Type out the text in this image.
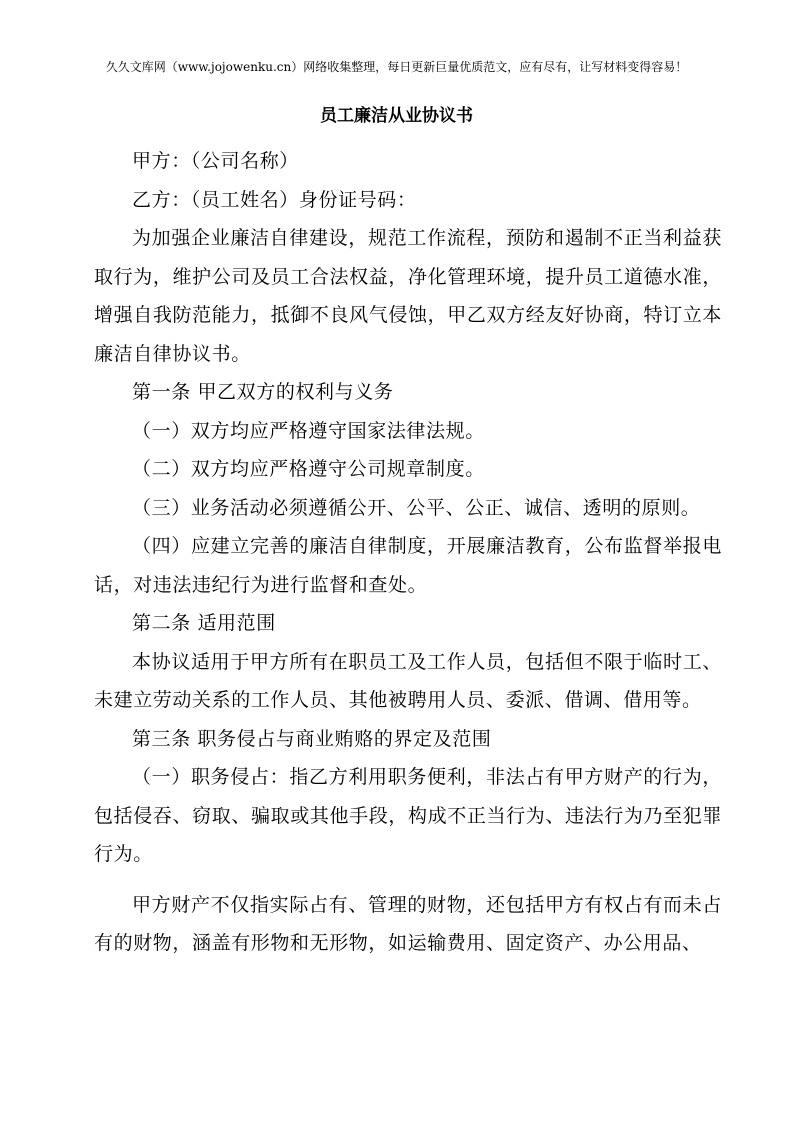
久久文库网（www.jojowenku.cn）网络收集整理，每日更新巨量优质范文，应有尽有，让写材料变得容易！
员工廉洁从业协议书

甲方：（公司名称）

乙方：（员工姓名）身份证号码：

为加强企业廉洁自律建设，规范工作流程，预防和遏制不正当利益获取行为，维护公司及员工合法权益，净化管理环境，提升员工道德水准，增强自我防范能力，抵御不良风气侵蚀，甲乙双方经友好协商，特订立本廉洁自律协议书。

第一条 甲乙双方的权利与义务

（一）双方均应严格遵守国家法律法规。

（二）双方均应严格遵守公司规章制度。

（三）业务活动必须遵循公开、公平、公正、诚信、透明的原则。

（四）应建立完善的廉洁自律制度，开展廉洁教育，公布监督举报电话，对违法违纪行为进行监督和查处。

第二条 适用范围

本协议适用于甲方所有在职员工及工作人员，包括但不限于临时工、未建立劳动关系的工作人员、其他被聘用人员、委派、借调、借用等。

第三条 职务侵占与商业贿赂的界定及范围

（一）职务侵占：指乙方利用职务便利，非法占有甲方财产的行为，包括侵吞、窃取、骗取或其他手段，构成不正当行为、违法行为乃至犯罪行为。

甲方财产不仅指实际占有、管理的财物，还包括甲方有权占有而未占有的财物，涵盖有形物和无形物，如运输费用、固定资产、办公用品、
